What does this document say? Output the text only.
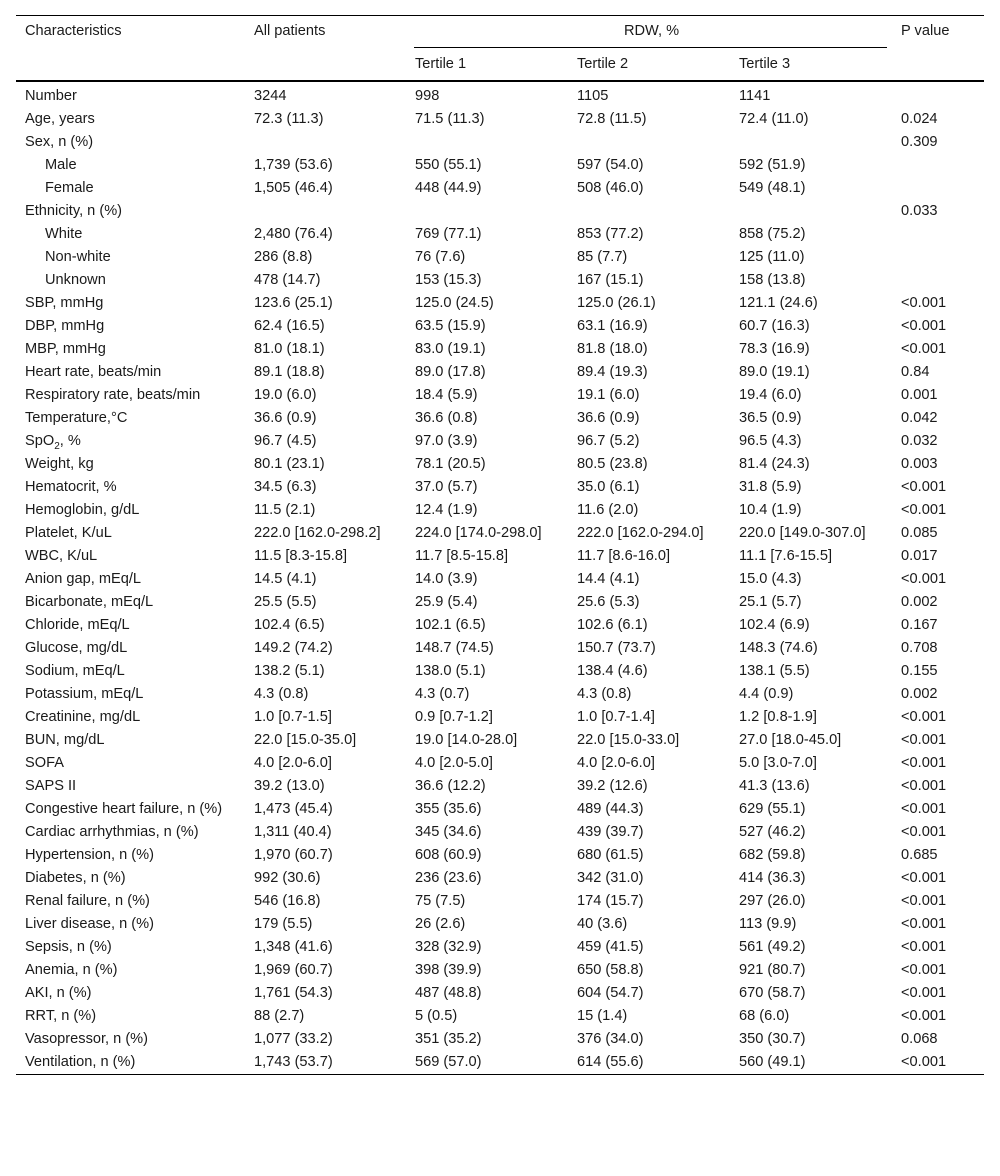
Characteristics	All patients	RDW, %			P value
		Tertile 1	Tertile 2	Tertile 3	
Number	3244	998	1105	1141	
Age, years	72.3 (11.3)	71.5 (11.3)	72.8 (11.5)	72.4 (11.0)	0.024
Sex, n (%)					0.309
Male	1,739 (53.6)	550 (55.1)	597 (54.0)	592 (51.9)	
Female	1,505 (46.4)	448 (44.9)	508 (46.0)	549 (48.1)	
Ethnicity, n (%)					0.033
White	2,480 (76.4)	769 (77.1)	853 (77.2)	858 (75.2)	
Non-white	286 (8.8)	76 (7.6)	85 (7.7)	125 (11.0)	
Unknown	478 (14.7)	153 (15.3)	167 (15.1)	158 (13.8)	
SBP, mmHg	123.6 (25.1)	125.0 (24.5)	125.0 (26.1)	121.1 (24.6)	<0.001
DBP, mmHg	62.4 (16.5)	63.5 (15.9)	63.1 (16.9)	60.7 (16.3)	<0.001
MBP, mmHg	81.0 (18.1)	83.0 (19.1)	81.8 (18.0)	78.3 (16.9)	<0.001
Heart rate, beats/min	89.1 (18.8)	89.0 (17.8)	89.4 (19.3)	89.0 (19.1)	0.84
Respiratory rate, beats/min	19.0 (6.0)	18.4 (5.9)	19.1 (6.0)	19.4 (6.0)	0.001
Temperature,°C	36.6 (0.9)	36.6 (0.8)	36.6 (0.9)	36.5 (0.9)	0.042
SpO$_2$, %	96.7 (4.5)	97.0 (3.9)	96.7 (5.2)	96.5 (4.3)	0.032
Weight, kg	80.1 (23.1)	78.1 (20.5)	80.5 (23.8)	81.4 (24.3)	0.003
Hematocrit, %	34.5 (6.3)	37.0 (5.7)	35.0 (6.1)	31.8 (5.9)	<0.001
Hemoglobin, g/dL	11.5 (2.1)	12.4 (1.9)	11.6 (2.0)	10.4 (1.9)	<0.001
Platelet, K/uL	222.0 [162.0-298.2]	224.0 [174.0-298.0]	222.0 [162.0-294.0]	220.0 [149.0-307.0]	0.085
WBC, K/uL	11.5 [8.3-15.8]	11.7 [8.5-15.8]	11.7 [8.6-16.0]	11.1 [7.6-15.5]	0.017
Anion gap, mEq/L	14.5 (4.1)	14.0 (3.9)	14.4 (4.1)	15.0 (4.3)	<0.001
Bicarbonate, mEq/L	25.5 (5.5)	25.9 (5.4)	25.6 (5.3)	25.1 (5.7)	0.002
Chloride, mEq/L	102.4 (6.5)	102.1 (6.5)	102.6 (6.1)	102.4 (6.9)	0.167
Glucose, mg/dL	149.2 (74.2)	148.7 (74.5)	150.7 (73.7)	148.3 (74.6)	0.708
Sodium, mEq/L	138.2 (5.1)	138.0 (5.1)	138.4 (4.6)	138.1 (5.5)	0.155
Potassium, mEq/L	4.3 (0.8)	4.3 (0.7)	4.3 (0.8)	4.4 (0.9)	0.002
Creatinine, mg/dL	1.0 [0.7-1.5]	0.9 [0.7-1.2]	1.0 [0.7-1.4]	1.2 [0.8-1.9]	<0.001
BUN, mg/dL	22.0 [15.0-35.0]	19.0 [14.0-28.0]	22.0 [15.0-33.0]	27.0 [18.0-45.0]	<0.001
SOFA	4.0 [2.0-6.0]	4.0 [2.0-5.0]	4.0 [2.0-6.0]	5.0 [3.0-7.0]	<0.001
SAPS II	39.2 (13.0)	36.6 (12.2)	39.2 (12.6)	41.3 (13.6)	<0.001
Congestive heart failure, n (%)	1,473 (45.4)	355 (35.6)	489 (44.3)	629 (55.1)	<0.001
Cardiac arrhythmias, n (%)	1,311 (40.4)	345 (34.6)	439 (39.7)	527 (46.2)	<0.001
Hypertension, n (%)	1,970 (60.7)	608 (60.9)	680 (61.5)	682 (59.8)	0.685
Diabetes, n (%)	992 (30.6)	236 (23.6)	342 (31.0)	414 (36.3)	<0.001
Renal failure, n (%)	546 (16.8)	75 (7.5)	174 (15.7)	297 (26.0)	<0.001
Liver disease, n (%)	179 (5.5)	26 (2.6)	40 (3.6)	113 (9.9)	<0.001
Sepsis, n (%)	1,348 (41.6)	328 (32.9)	459 (41.5)	561 (49.2)	<0.001
Anemia, n (%)	1,969 (60.7)	398 (39.9)	650 (58.8)	921 (80.7)	<0.001
AKI, n (%)	1,761 (54.3)	487 (48.8)	604 (54.7)	670 (58.7)	<0.001
RRT, n (%)	88 (2.7)	5 (0.5)	15 (1.4)	68 (6.0)	<0.001
Vasopressor, n (%)	1,077 (33.2)	351 (35.2)	376 (34.0)	350 (30.7)	0.068
Ventilation, n (%)	1,743 (53.7)	569 (57.0)	614 (55.6)	560 (49.1)	<0.001
